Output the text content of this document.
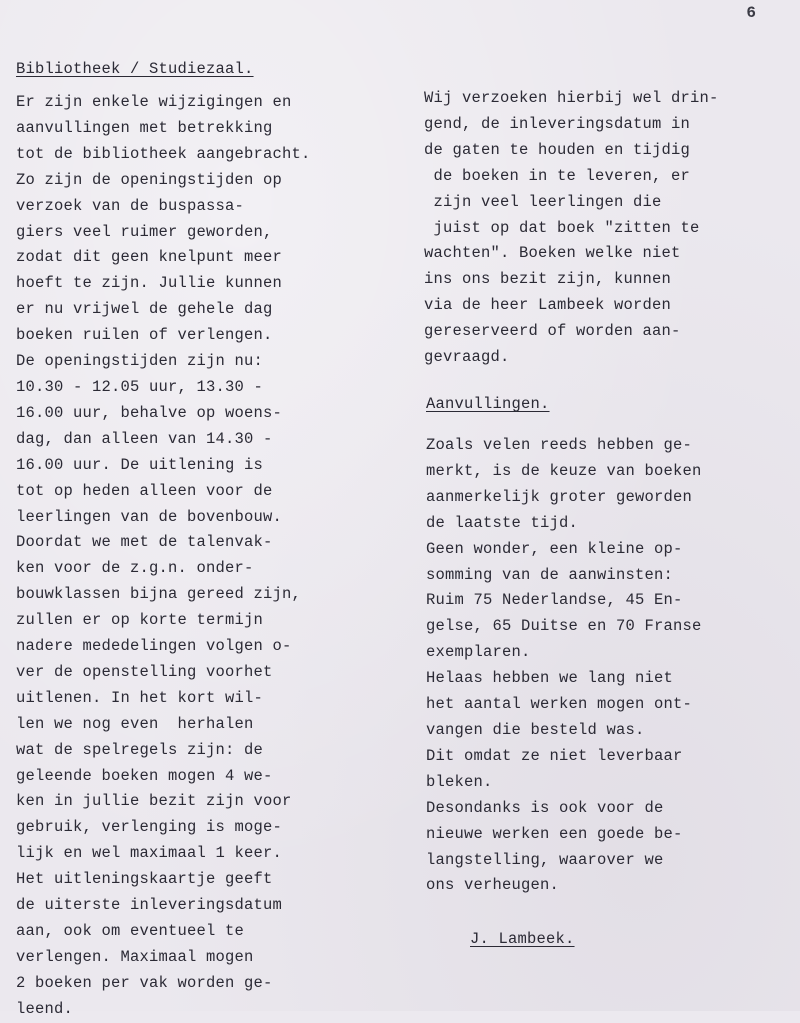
6
Bibliotheek / Studiezaal.
Er zijn enkele wijzigingen en
aanvullingen met betrekking
tot de bibliotheek aangebracht.
Zo zijn de openingstijden op
verzoek van de buspassa-
giers veel ruimer geworden,
zodat dit geen knelpunt meer
hoeft te zijn. Jullie kunnen
er nu vrijwel de gehele dag
boeken ruilen of verlengen.
De openingstijden zijn nu:
10.30 - 12.05 uur, 13.30 -
16.00 uur, behalve op woens-
dag, dan alleen van 14.30 -
16.00 uur. De uitlening is
tot op heden alleen voor de
leerlingen van de bovenbouw.
Doordat we met de talenvak-
ken voor de z.g.n. onder-
bouwklassen bijna gereed zijn,
zullen er op korte termijn
nadere mededelingen volgen o-
ver de openstelling voorhet
uitlenen. In het kort wil-
len we nog even  herhalen
wat de spelregels zijn: de
geleende boeken mogen 4 we-
ken in jullie bezit zijn voor
gebruik, verlenging is moge-
lijk en wel maximaal 1 keer.
Het uitleningskaartje geeft
de uiterste inleveringsdatum
aan, ook om eventueel te
verlengen. Maximaal mogen
2 boeken per vak worden ge-
leend.
Wij verzoeken hierbij wel drin-
gend, de inleveringsdatum in
de gaten te houden en tijdig
de boeken in te leveren, er
zijn veel leerlingen die
juist op dat boek "zitten te
wachten". Boeken welke niet
ins ons bezit zijn, kunnen
via de heer Lambeek worden
gereserveerd of worden aan-
gevraagd.
Aanvullingen.
Zoals velen reeds hebben ge-
merkt, is de keuze van boeken
aanmerkelijk groter geworden
de laatste tijd.
Geen wonder, een kleine op-
somming van de aanwinsten:
Ruim 75 Nederlandse, 45 En-
gelse, 65 Duitse en 70 Franse
exemplaren.
Helaas hebben we lang niet
het aantal werken mogen ont-
vangen die besteld was.
Dit omdat ze niet leverbaar
bleken.
Desondanks is ook voor de
nieuwe werken een goede be-
langstelling, waarover we
ons verheugen.
J. Lambeek.
